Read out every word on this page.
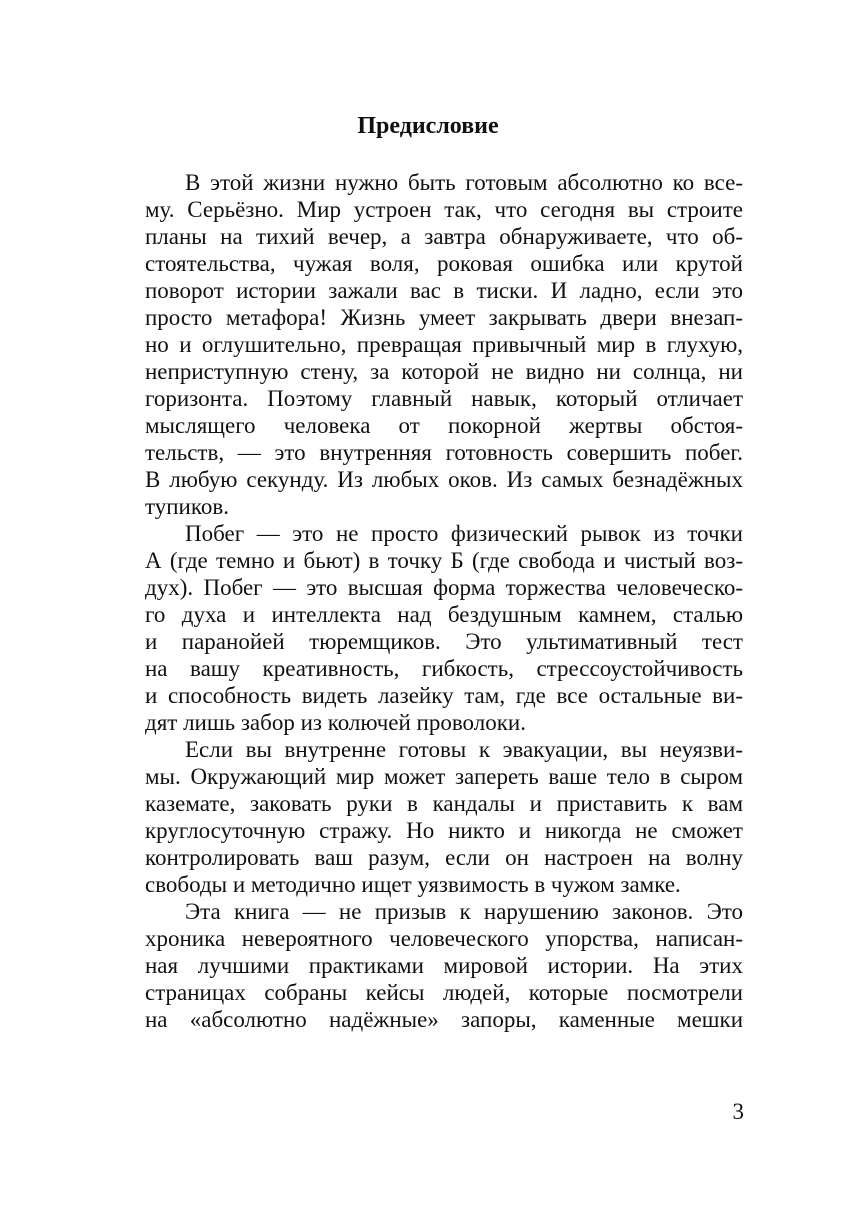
Предисловие

В этой жизни нужно быть готовым абсолютно ко все-
му. Серьёзно. Мир устроен так, что сегодня вы строите
планы на тихий вечер, а завтра обнаруживаете, что об-
стоятельства, чужая воля, роковая ошибка или крутой
поворот истории зажали вас в тиски. И ладно, если это
просто метафора! Жизнь умеет закрывать двери внезап-
но и оглушительно, превращая привычный мир в глухую,
неприступную стену, за которой не видно ни солнца, ни
горизонта. Поэтому главный навык, который отличает
мыслящего человека от покорной жертвы обстоя-
тельств, — это внутренняя готовность совершить побег.
В любую секунду. Из любых оков. Из самых безнадёжных
тупиков.

Побег — это не просто физический рывок из точки
А (где темно и бьют) в точку Б (где свобода и чистый воз-
дух). Побег — это высшая форма торжества человеческо-
го духа и интеллекта над бездушным камнем, сталью
и паранойей тюремщиков. Это ультимативный тест
на вашу креативность, гибкость, стрессоустойчивость
и способность видеть лазейку там, где все остальные ви-
дят лишь забор из колючей проволоки.

Если вы внутренне готовы к эвакуации, вы неуязви-
мы. Окружающий мир может запереть ваше тело в сыром
каземате, заковать руки в кандалы и приставить к вам
круглосуточную стражу. Но никто и никогда не сможет
контролировать ваш разум, если он настроен на волну
свободы и методично ищет уязвимость в чужом замке.

Эта книга — не призыв к нарушению законов. Это
хроника невероятного человеческого упорства, написан-
ная лучшими практиками мировой истории. На этих
страницах собраны кейсы людей, которые посмотрели
на «абсолютно надёжные» запоры, каменные мешки

3
